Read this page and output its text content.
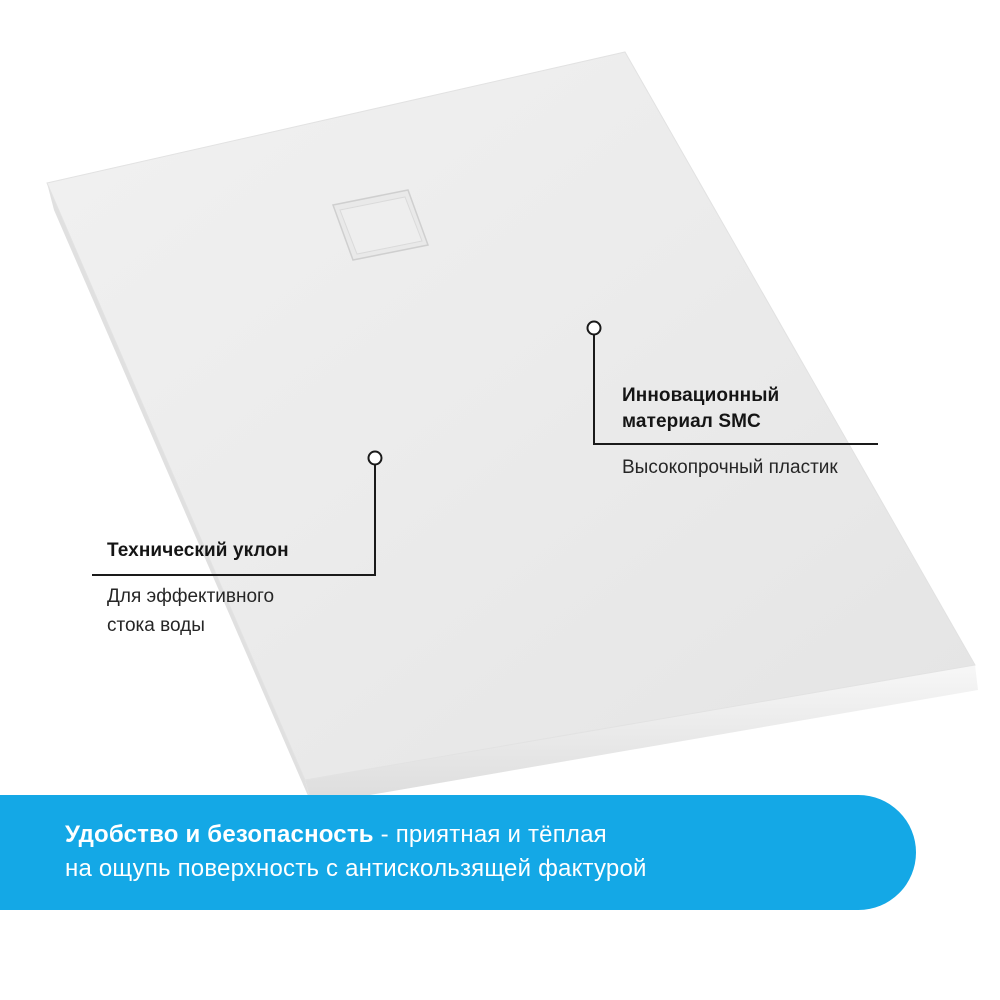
Инновационный
материал SMC
Высокопрочный пластик
Технический уклон
Для эффективного
стока воды
Удобство и безопасность - приятная и тёплая
на ощупь поверхность с антискользящей фактурой
